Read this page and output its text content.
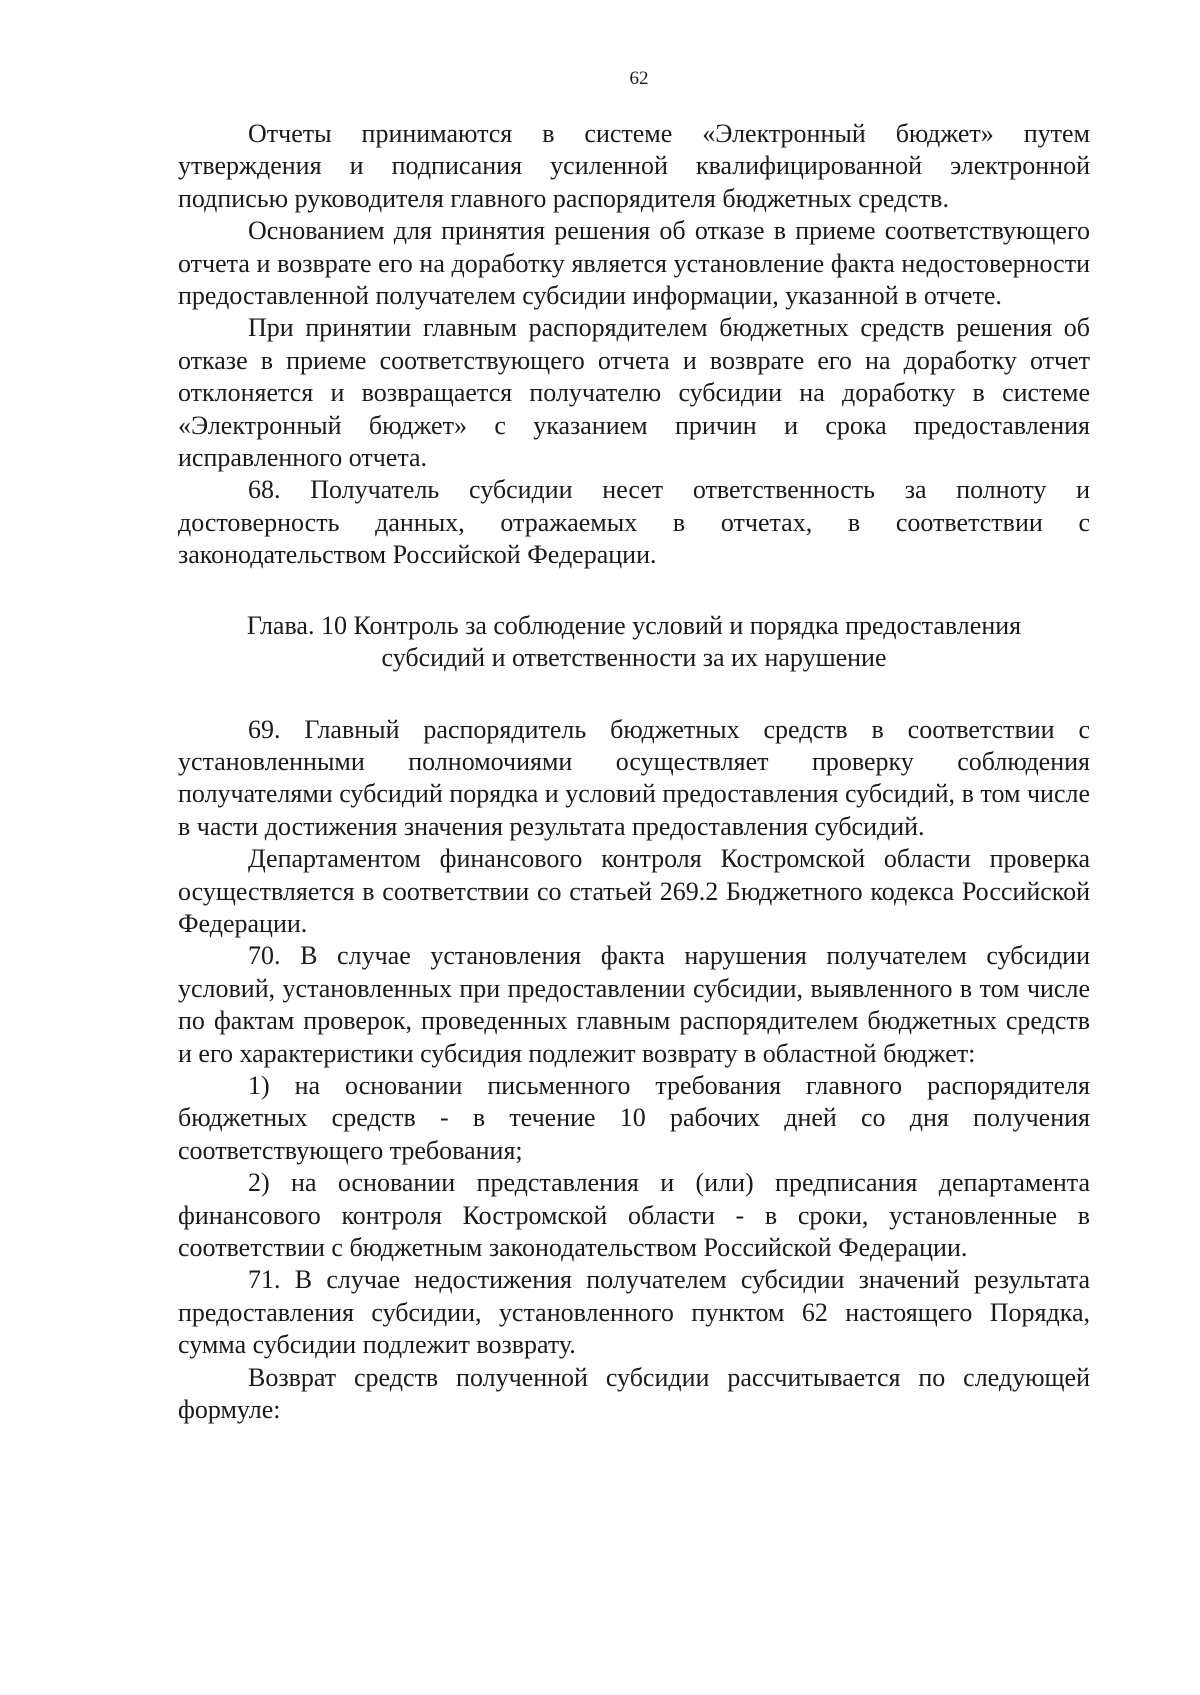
62

Отчеты принимаются в системе «Электронный бюджет» путем утверждения и подписания усиленной квалифицированной электронной подписью руководителя главного распорядителя бюджетных средств.

Основанием для принятия решения об отказе в приеме соответствующего отчета и возврате его на доработку является установление факта недостоверности предоставленной получателем субсидии информации, указанной в отчете.

При принятии главным распорядителем бюджетных средств решения об отказе в приеме соответствующего отчета и возврате его на доработку отчет отклоняется и возвращается получателю субсидии на доработку в системе «Электронный бюджет» с указанием причин и срока предоставления исправленного отчета.

68. Получатель субсидии несет ответственность за полноту и достоверность данных, отражаемых в отчетах, в соответствии с законодательством Российской Федерации.

Глава. 10 Контроль за соблюдение условий и порядка предоставления
субсидий и ответственности за их нарушение

69. Главный распорядитель бюджетных средств в соответствии с установленными полномочиями осуществляет проверку соблюдения получателями субсидий порядка и условий предоставления субсидий, в том числе в части достижения значения результата предоставления субсидий.

Департаментом финансового контроля Костромской области проверка осуществляется в соответствии со статьей 269.2 Бюджетного кодекса Российской Федерации.

70. В случае установления факта нарушения получателем субсидии условий, установленных при предоставлении субсидии, выявленного в том числе по фактам проверок, проведенных главным распорядителем бюджетных средств и его характеристики субсидия подлежит возврату в областной бюджет:

1) на основании письменного требования главного распорядителя бюджетных средств - в течение 10 рабочих дней со дня получения соответствующего требования;

2) на основании представления и (или) предписания департамента финансового контроля Костромской области - в сроки, установленные в соответствии с бюджетным законодательством Российской Федерации.

71. В случае недостижения получателем субсидии значений результата предоставления субсидии, установленного пунктом 62 настоящего Порядка, сумма субсидии подлежит возврату.

Возврат средств полученной субсидии рассчитывается по следующей формуле:
